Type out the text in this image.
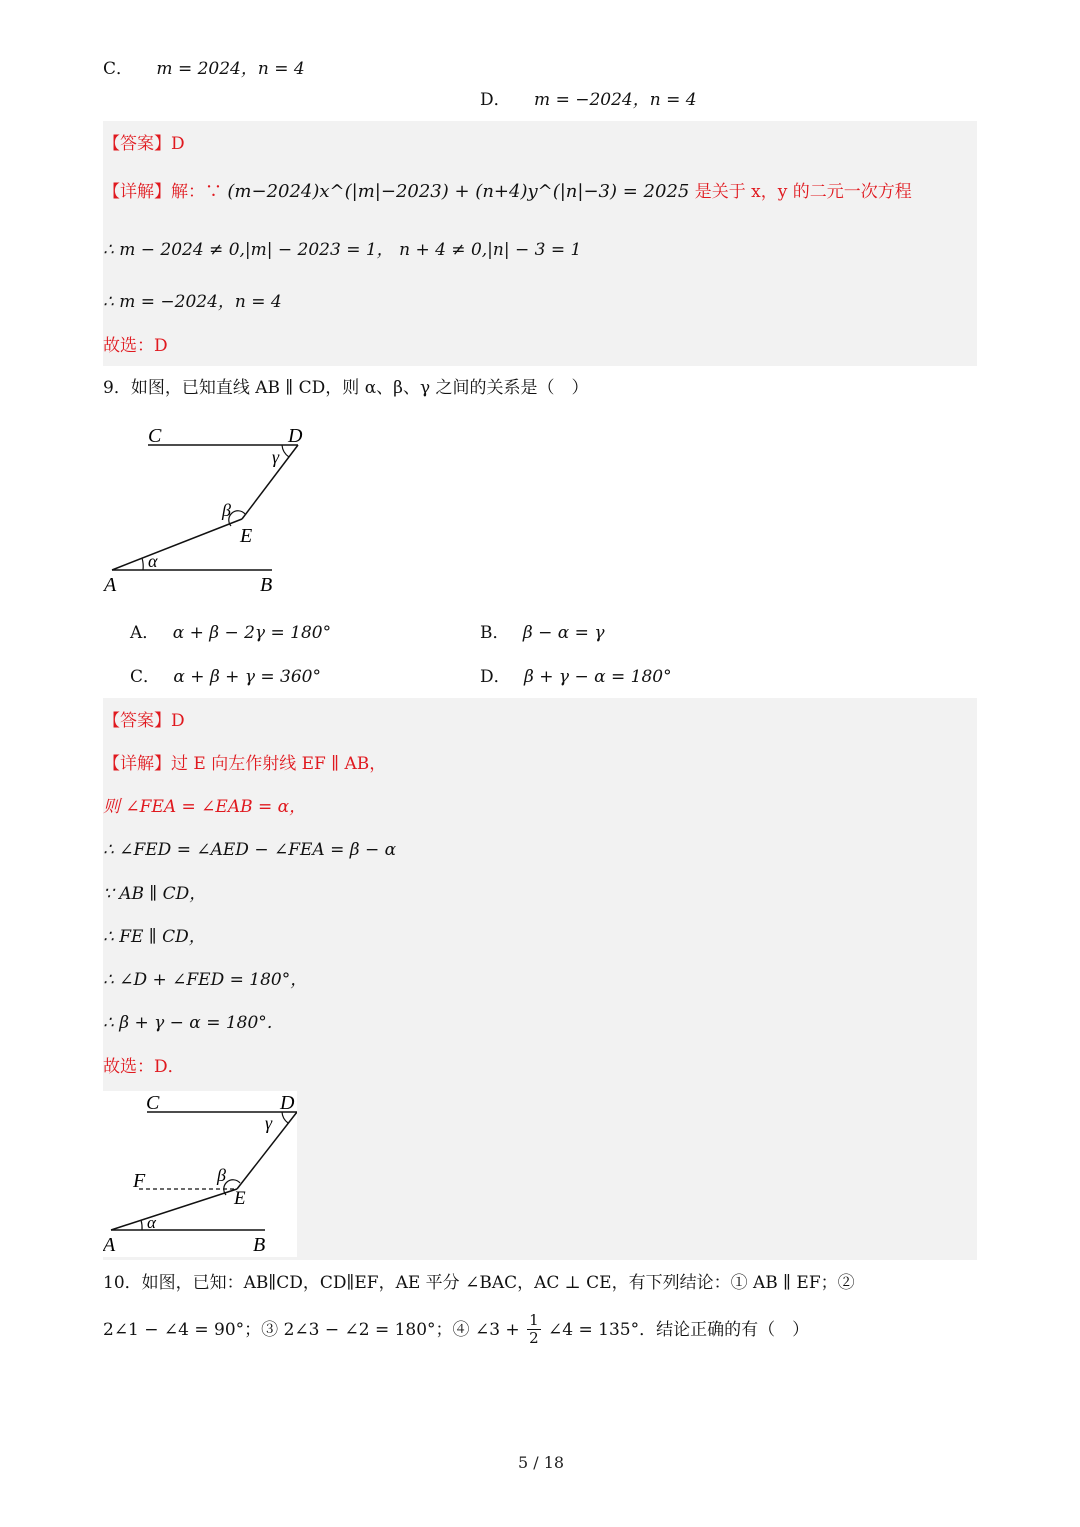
C． m = 2024，n = 4
D． m = −2024，n = 4
【答案】D
【详解】解：∵ (m−2024)x^(|m|−2023) + (n+4)y^(|n|−3) = 2025 是关于 x，y 的二元一次方程
∴ m − 2024 ≠ 0,|m| − 2023 = 1， n + 4 ≠ 0,|n| − 3 = 1
∴ m = −2024，n = 4
故选：D
9．如图，已知直线 AB ∥ CD，则 α、β、γ 之间的关系是（　）
C	D
γ
β
E
α
A	B
A． α + β − 2γ = 180°	B． β − α = γ
C． α + β + γ = 360°	D． β + γ − α = 180°
【答案】D
【详解】过 E 向左作射线 EF ∥ AB，
则 ∠FEA = ∠EAB = α，
∴ ∠FED = ∠AED − ∠FEA = β − α
∵ AB ∥ CD，
∴ FE ∥ CD，
∴ ∠D + ∠FED = 180°，
∴ β + γ − α = 180°．
故选：D．
C	D
γ
F	β
E
α
A	B
10．如图，已知：AB∥CD，CD∥EF，AE 平分 ∠BAC，AC ⊥ CE，有下列结论：① AB ∥ EF；②
2∠1 − ∠4 = 90°；③ 2∠3 − ∠2 = 180°；④ ∠3 + $\frac{1}{2}$ ∠4 = 135°．结论正确的有（　）
5 / 18
